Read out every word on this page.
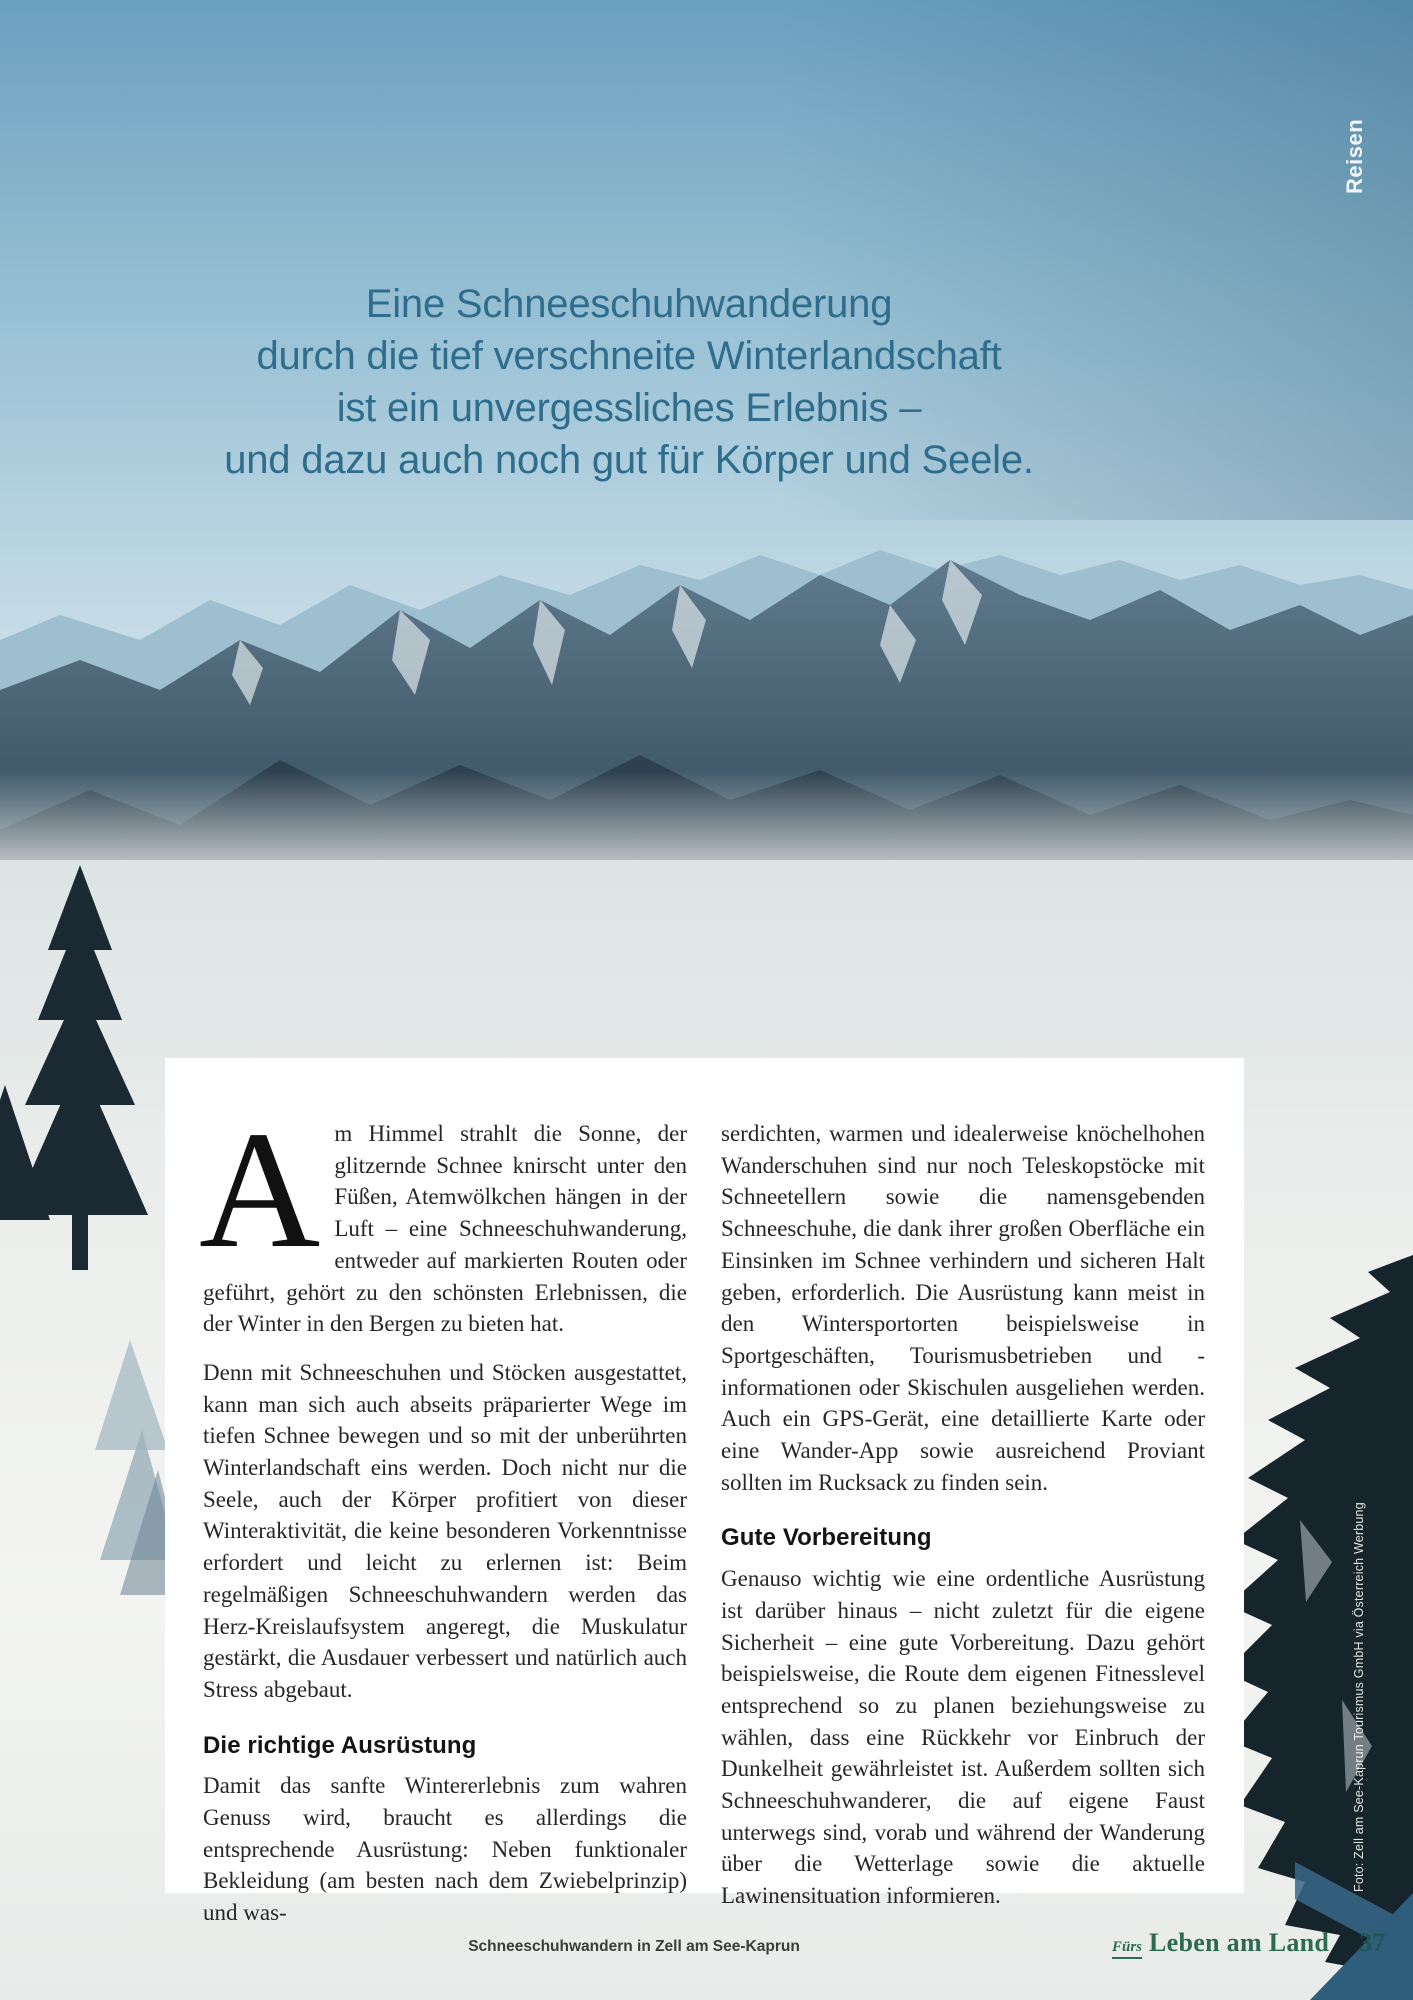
Reisen
Eine Schneeschuhwanderung
durch die tief verschneite Winterlandschaft
ist ein unvergessliches Erlebnis –
und dazu auch noch gut für Körper und Seele.

Am Himmel strahlt die Sonne, der glitzernde Schnee knirscht unter den Füßen, Atemwölkchen hängen in der Luft – eine Schneeschuhwanderung, entweder auf markierten Routen oder geführt, gehört zu den schönsten Erlebnissen, die der Winter in den Bergen zu bieten hat.

Denn mit Schneeschuhen und Stöcken ausgestattet, kann man sich auch abseits präparierter Wege im tiefen Schnee bewegen und so mit der unberührten Winterlandschaft eins werden. Doch nicht nur die Seele, auch der Körper profitiert von dieser Winteraktivität, die keine besonderen Vorkenntnisse erfordert und leicht zu erlernen ist: Beim regelmäßigen Schneeschuhwandern werden das Herz-Kreislaufsystem angeregt, die Muskulatur gestärkt, die Ausdauer verbessert und natürlich auch Stress abgebaut.

Die richtige Ausrüstung

Damit das sanfte Wintererlebnis zum wahren Genuss wird, braucht es allerdings die entsprechende Ausrüstung: Neben funktionaler Bekleidung (am besten nach dem Zwiebelprinzip) und was-

serdichten, warmen und idealerweise knöchelhohen Wanderschuhen sind nur noch Teleskopstöcke mit Schneetellern sowie die namensgebenden Schneeschuhe, die dank ihrer großen Oberfläche ein Einsinken im Schnee verhindern und sicheren Halt geben, erforderlich. Die Ausrüstung kann meist in den Wintersportorten beispielsweise in Sportgeschäften, Tourismusbetrieben und -informationen oder Skischulen ausgeliehen werden. Auch ein GPS-Gerät, eine detaillierte Karte oder eine Wander-App sowie ausreichend Proviant sollten im Rucksack zu finden sein.

Gute Vorbereitung

Genauso wichtig wie eine ordentliche Ausrüstung ist darüber hinaus – nicht zuletzt für die eigene Sicherheit – eine gute Vorbereitung. Dazu gehört beispielsweise, die Route dem eigenen Fitnesslevel entsprechend so zu planen beziehungsweise zu wählen, dass eine Rückkehr vor Einbruch der Dunkelheit gewährleistet ist. Außerdem sollten sich Schneeschuhwanderer, die auf eigene Faust unterwegs sind, vorab und während der Wanderung über die Wetterlage sowie die aktuelle Lawinensituation informieren.

Foto: Zell am See-Kaprun Tourismus GmbH via Österreich Werbung
Schneeschuhwandern in Zell am See-Kaprun	Fürs Leben am Land 37
